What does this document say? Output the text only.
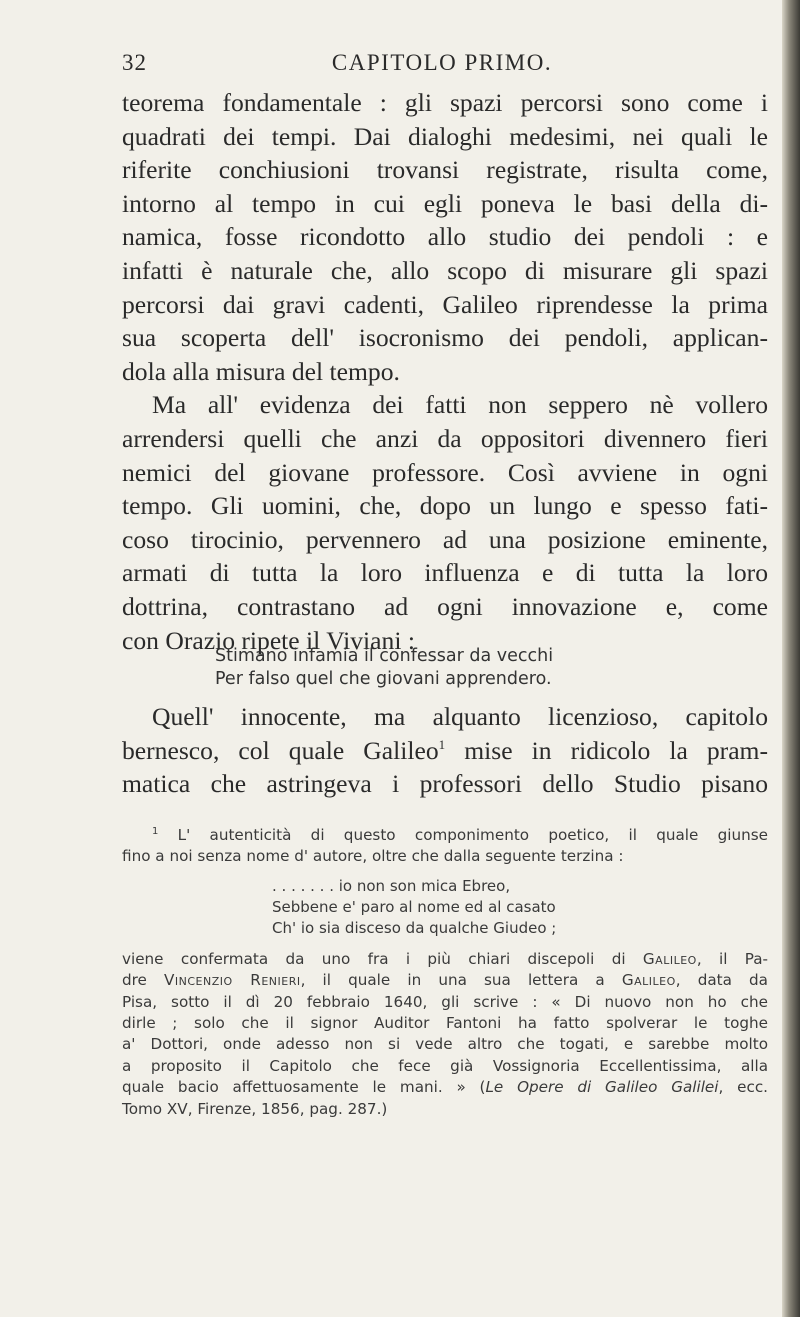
32	CAPITOLO PRIMO.
teorema fondamentale : gli spazi percorsi sono come i
quadrati dei tempi. Dai dialoghi medesimi, nei quali le
riferite conchiusioni trovansi registrate, risulta come,
intorno al tempo in cui egli poneva le basi della di-
namica, fosse ricondotto allo studio dei pendoli : e
infatti è naturale che, allo scopo di misurare gli spazi
percorsi dai gravi cadenti, Galileo riprendesse la prima
sua scoperta dell' isocronismo dei pendoli, applican-
dola alla misura del tempo.
Ma all' evidenza dei fatti non seppero nè vollero
arrendersi quelli che anzi da oppositori divennero fieri
nemici del giovane professore. Così avviene in ogni
tempo. Gli uomini, che, dopo un lungo e spesso fati-
coso tirocinio, pervennero ad una posizione eminente,
armati di tutta la loro influenza e di tutta la loro
dottrina, contrastano ad ogni innovazione e, come
con Orazio ripete il Viviani :
Stimano infamia il confessar da vecchi
Per falso quel che giovani apprendero.
Quell' innocente, ma alquanto licenzioso, capitolo
bernesco, col quale Galileo$^1$ mise in ridicolo la pram-
matica che astringeva i professori dello Studio pisano
$^1$ L' autenticità di questo componimento poetico, il quale giunse
fino a noi senza nome d' autore, oltre che dalla seguente terzina :
. . . . . . . io non son mica Ebreo,
Sebbene e' paro al nome ed al casato
Ch' io sia disceso da qualche Giudeo ;
viene confermata da uno fra i più chiari discepoli di Galileo, il Pa-
dre Vincenzio Renieri, il quale in una sua lettera a Galileo, data da
Pisa, sotto il dì 20 febbraio 1640, gli scrive : « Di nuovo non ho che
dirle ; solo che il signor Auditor Fantoni ha fatto spolverar le toghe
a' Dottori, onde adesso non si vede altro che togati, e sarebbe molto
a proposito il Capitolo che fece già Vossignoria Eccellentissima, alla
quale bacio affettuosamente le mani. » (Le Opere di Galileo Galilei, ecc.
Tomo XV, Firenze, 1856, pag. 287.)
